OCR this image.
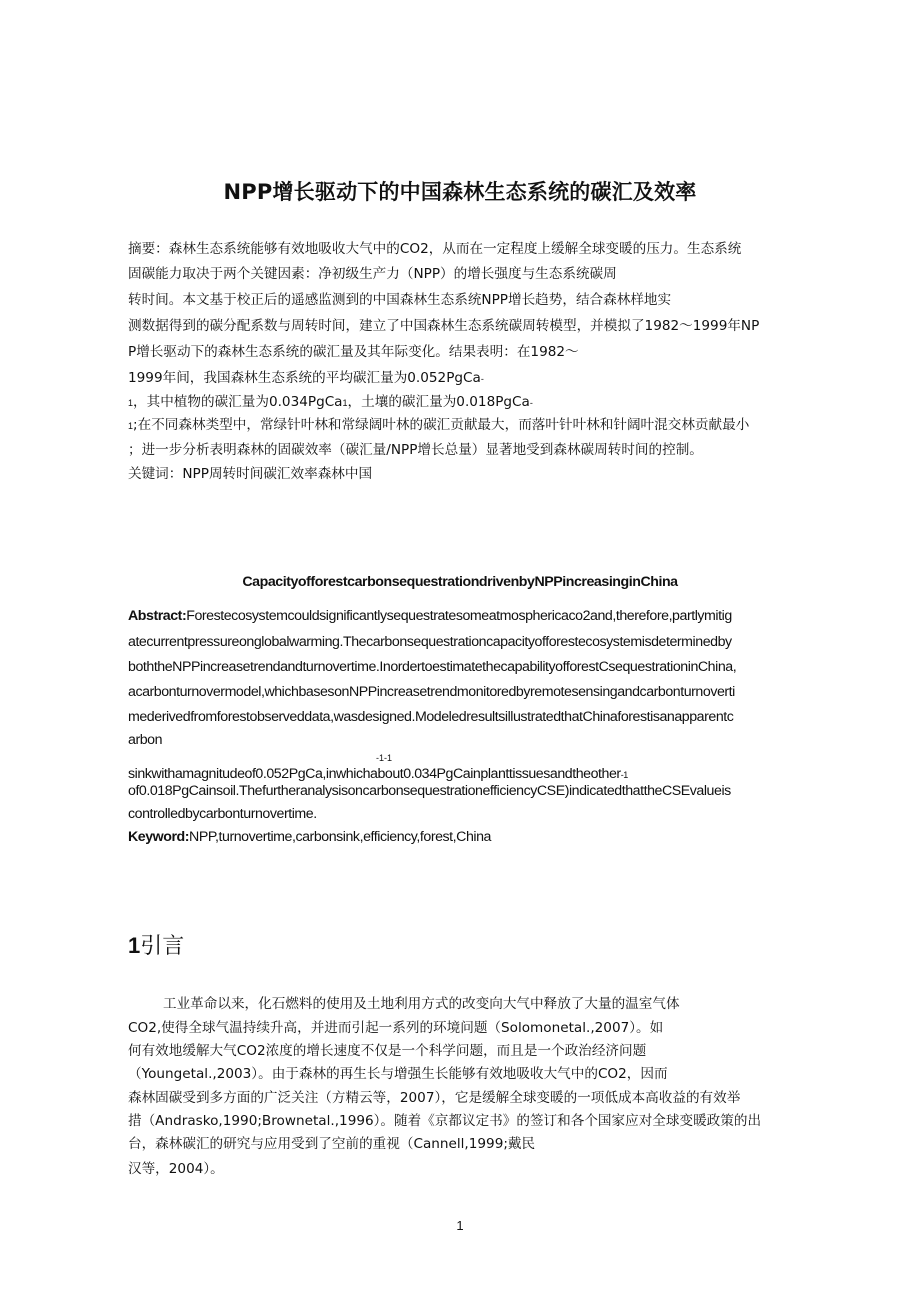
NPP增长驱动下的中国森林生态系统的碳汇及效率
摘要：森林生态系统能够有效地吸收大气中的CO2，从而在一定程度上缓解全球变暖的压力。生态系统
固碳能力取决于两个关键因素：净初级生产力（NPP）的增长强度与生态系统碳周
转时间。本文基于校正后的遥感监测到的中国森林生态系统NPP增长趋势，结合森林样地实
测数据得到的碳分配系数与周转时间，建立了中国森林生态系统碳周转模型，并模拟了1982～1999年NP
P增长驱动下的森林生态系统的碳汇量及其年际变化。结果表明：在1982～
1999年间，我国森林生态系统的平均碳汇量为0.052PgCa-
1，其中植物的碳汇量为0.034PgCa1，土壤的碳汇量为0.018PgCa-
1;在不同森林类型中，常绿针叶林和常绿阔叶林的碳汇贡献最大，而落叶针叶林和针阔叶混交林贡献最小
；进一步分析表明森林的固碳效率（碳汇量/NPP增长总量）显著地受到森林碳周转时间的控制。
关键词：NPP周转时间碳汇效率森林中国
CapacityofforestcarbonsequestrationdrivenbyNPPincreasinginChina
Abstract:Forestecosystemcouldsignificantlysequestratesomeatmosphericaco2and,therefore,partlymitig
atecurrentpressureonglobalwarming.Thecarbonsequestrationcapacityofforestecosystemisdeterminedby
boththeNPPincreasetrendandturnovertime.InordertoestimatethecapabilityofforestCsequestrationinChina,
acarbonturnovermodel,whichbasesonNPPincreasetrendmonitoredbyremotesensingandcarbonturnoverti
mederivedfromforestobserveddata,wasdesigned.ModeledresultsillustratedthatChinaforestisanapparentc
arbon
-1-1
sinkwithamagnitudeof0.052PgCa,inwhichabout0.034PgCainplanttissuesandtheother-1
of0.018PgCainsoil.ThefurtheranalysisoncarbonsequestrationefficiencyCSE)indicatedthattheCSEvalueis
controlledbycarbonturnovertime.
Keyword:NPP,turnovertime,carbonsink,efficiency,forest,China
1引言
工业革命以来，化石燃料的使用及土地利用方式的改变向大气中释放了大量的温室气体
CO2,使得全球气温持续升高，并进而引起一系列的环境问题（Solomonetal.,2007）。如
何有效地缓解大气CO2浓度的增长速度不仅是一个科学问题，而且是一个政治经济问题
（Youngetal.,2003）。由于森林的再生长与增强生长能够有效地吸收大气中的CO2，因而
森林固碳受到多方面的广泛关注（方精云等，2007），它是缓解全球变暖的一项低成本高收益的有效举
措（Andrasko,1990;Brownetal.,1996）。随着《京都议定书》的签订和各个国家应对全球变暖政策的出
台，森林碳汇的研究与应用受到了空前的重视（Cannell,1999;戴民
汉等，2004）。
1
